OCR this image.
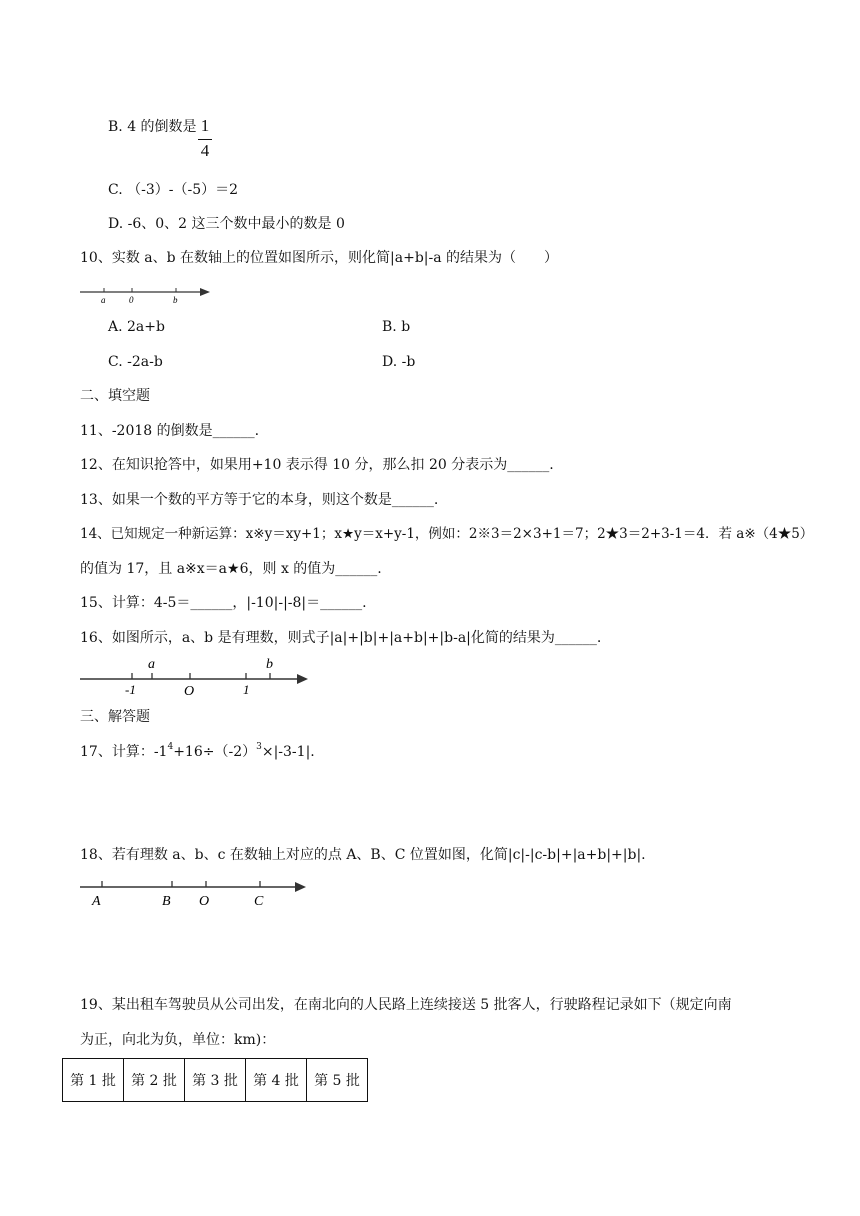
B. 4 的倒数是 1
4
C. （-3）-（-5）＝2
D. -6、0、2 这三个数中最小的数是 0
10、实数 a、b 在数轴上的位置如图所示，则化简|a+b|-a 的结果为（　　）
a	0	b
A. 2a+b	B. b
C. -2a-b	D. -b
二、填空题
11、-2018 的倒数是______.
12、在知识抢答中，如果用+10 表示得 10 分，那么扣 20 分表示为______.
13、如果一个数的平方等于它的本身，则这个数是______.
14、已知规定一种新运算：x※y＝xy+1；x★y＝x+y-1，例如：2※3＝2×3+1＝7；2★3＝2+3-1＝4．若 a※（4★5）
的值为 17，且 a※x＝a★6，则 x 的值为______.
15、计算：4-5＝______，|-10|-|-8|＝______.
16、如图所示，a、b 是有理数，则式子|a|+|b|+|a+b|+|b-a|化简的结果为______.
a	b
-1	O	1
三、解答题
17、计算：$-1^4+16\div(-2)^3\times|-3-1|$.
18、若有理数 a、b、c 在数轴上对应的点 A、B、C 位置如图，化简|c|-|c-b|+|a+b|+|b|.
A	B O	C
19、某出租车驾驶员从公司出发，在南北向的人民路上连续接送 5 批客人，行驶路程记录如下（规定向南
为正，向北为负，单位：km)：
第 1 批	第 2 批	第 3 批	第 4 批	第 5 批
